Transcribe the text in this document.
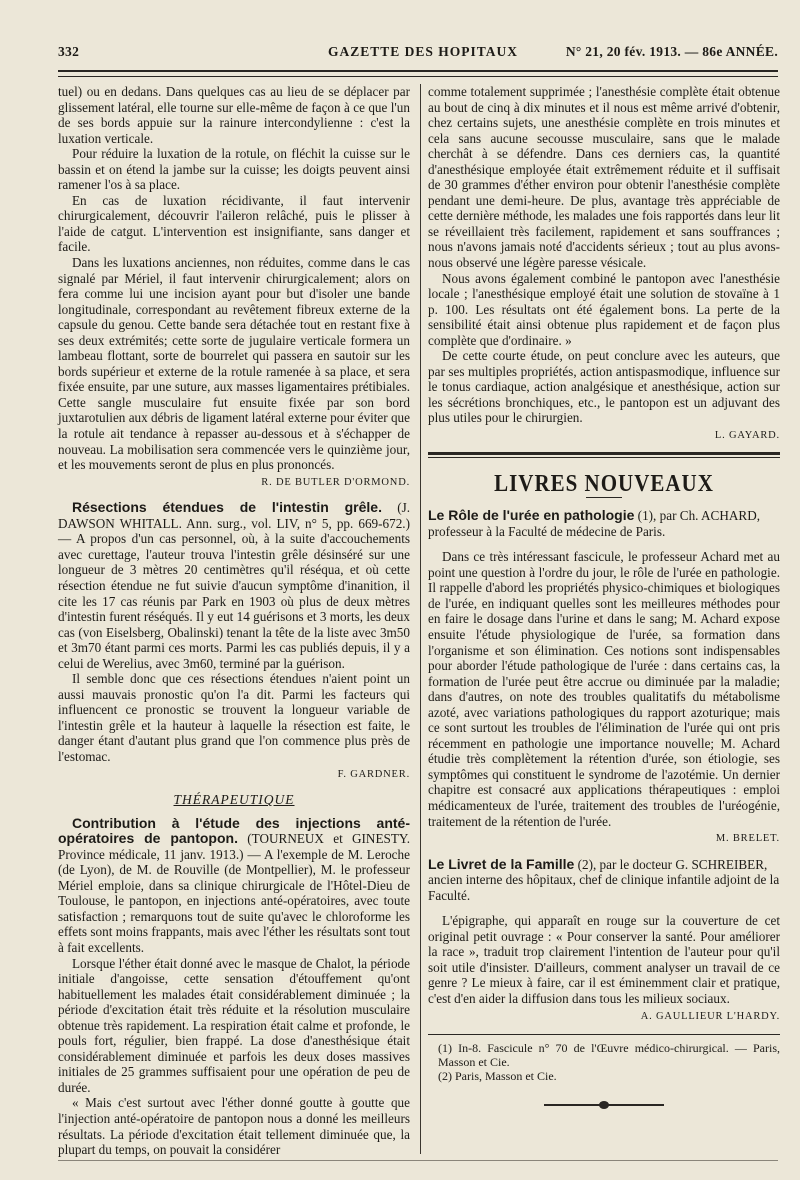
332	GAZETTE DES HOPITAUX	N° 21, 20 fév. 1913. — 86e ANNÉE.

tuel) ou en dedans. Dans quelques cas au lieu de se déplacer par glissement latéral, elle tourne sur elle-même de façon à ce que l'un de ses bords appuie sur la rainure intercondylienne : c'est la luxation verticale.

Pour réduire la luxation de la rotule, on fléchit la cuisse sur le bassin et on étend la jambe sur la cuisse; les doigts peuvent ainsi ramener l'os à sa place.

En cas de luxation récidivante, il faut intervenir chirurgicalement, découvrir l'aileron relâché, puis le plisser à l'aide de catgut. L'intervention est insignifiante, sans danger et facile.

Dans les luxations anciennes, non réduites, comme dans le cas signalé par Mériel, il faut intervenir chirurgicalement; alors on fera comme lui une incision ayant pour but d'isoler une bande longitudinale, correspondant au revêtement fibreux externe de la capsule du genou. Cette bande sera détachée tout en restant fixe à ses deux extrémités; cette sorte de jugulaire verticale formera un lambeau flottant, sorte de bourrelet qui passera en sautoir sur les bords supérieur et externe de la rotule ramenée à sa place, et sera fixée ensuite, par une suture, aux masses ligamentaires prétibiales. Cette sangle musculaire fut ensuite fixée par son bord juxtarotulien aux débris de ligament latéral externe pour éviter que la rotule ait tendance à repasser au-dessous et à s'échapper de nouveau. La mobilisation sera commencée vers le quinzième jour, et les mouvements seront de plus en plus prononcés.

R. DE BUTLER D'ORMOND.

Résections étendues de l'intestin grêle. (J. DAWSON WHITALL. Ann. surg., vol. LIV, n° 5, pp. 669-672.) — A propos d'un cas personnel, où, à la suite d'accouchements avec curettage, l'auteur trouva l'intestin grêle désinséré sur une longueur de 3 mètres 20 centimètres qu'il réséqua, et où cette résection étendue ne fut suivie d'aucun symptôme d'inanition, il cite les 17 cas réunis par Park en 1903 où plus de deux mètres d'intestin furent réséqués. Il y eut 14 guérisons et 3 morts, les deux cas (von Eiselsberg, Obalinski) tenant la tête de la liste avec 3m50 et 3m70 étant parmi ces morts. Parmi les cas publiés depuis, il y a celui de Werelius, avec 3m60, terminé par la guérison.

Il semble donc que ces résections étendues n'aient point un aussi mauvais pronostic qu'on l'a dit. Parmi les facteurs qui influencent ce pronostic se trouvent la longueur variable de l'intestin grêle et la hauteur à laquelle la résection est faite, le danger étant d'autant plus grand que l'on commence plus près de l'estomac.

F. GARDNER.

THÉRAPEUTIQUE

Contribution à l'étude des injections anté-opératoires de pantopon. (TOURNEUX et GINESTY. Province médicale, 11 janv. 1913.) — A l'exemple de M. Leroche (de Lyon), de M. de Rouville (de Montpellier), M. le professeur Mériel emploie, dans sa clinique chirurgicale de l'Hôtel-Dieu de Toulouse, le pantopon, en injections anté-opératoires, avec toute satisfaction ; remarquons tout de suite qu'avec le chloroforme les effets sont moins frappants, mais avec l'éther les résultats sont tout à fait excellents.

Lorsque l'éther était donné avec le masque de Chalot, la période initiale d'angoisse, cette sensation d'étouffement qu'ont habituellement les malades était considérablement diminuée ; la période d'excitation était très réduite et la résolution musculaire obtenue très rapidement. La respiration était calme et profonde, le pouls fort, régulier, bien frappé. La dose d'anesthésique était considérablement diminuée et parfois les deux doses massives initiales de 25 grammes suffisaient pour une opération de peu de durée.

« Mais c'est surtout avec l'éther donné goutte à goutte que l'injection anté-opératoire de pantopon nous a donné les meilleurs résultats. La période d'excitation était tellement diminuée que, la plupart du temps, on pouvait la considérer

comme totalement supprimée ; l'anesthésie complète était obtenue au bout de cinq à dix minutes et il nous est même arrivé d'obtenir, chez certains sujets, une anesthésie complète en trois minutes et cela sans aucune secousse musculaire, sans que le malade cherchât à se défendre. Dans ces derniers cas, la quantité d'anesthésique employée était extrêmement réduite et il suffisait de 30 grammes d'éther environ pour obtenir l'anesthésie complète pendant une demi-heure. De plus, avantage très appréciable de cette dernière méthode, les malades une fois rapportés dans leur lit se réveillaient très facilement, rapidement et sans souffrances ; nous n'avons jamais noté d'accidents sérieux ; tout au plus avons-nous observé une légère paresse vésicale.

Nous avons également combiné le pantopon avec l'anesthésie locale ; l'anesthésique employé était une solution de stovaïne à 1 p. 100. Les résultats ont été également bons. La perte de la sensibilité était ainsi obtenue plus rapidement et de façon plus complète que d'ordinaire. »

De cette courte étude, on peut conclure avec les auteurs, que par ses multiples propriétés, action antispasmodique, influence sur le tonus cardiaque, action analgésique et anesthésique, action sur les sécrétions bronchiques, etc., le pantopon est un adjuvant des plus utiles pour le chirurgien.

L. GAYARD.

LIVRES NOUVEAUX

Le Rôle de l'urée en pathologie (1), par Ch. ACHARD, professeur à la Faculté de médecine de Paris.

Dans ce très intéressant fascicule, le professeur Achard met au point une question à l'ordre du jour, le rôle de l'urée en pathologie. Il rappelle d'abord les propriétés physico-chimiques et biologiques de l'urée, en indiquant quelles sont les meilleures méthodes pour en faire le dosage dans l'urine et dans le sang; M. Achard expose ensuite l'étude physiologique de l'urée, sa formation dans l'organisme et son élimination. Ces notions sont indispensables pour aborder l'étude pathologique de l'urée : dans certains cas, la formation de l'urée peut être accrue ou diminuée par la maladie; dans d'autres, on note des troubles qualitatifs du métabolisme azoté, avec variations pathologiques du rapport azoturique; mais ce sont surtout les troubles de l'élimination de l'urée qui ont pris récemment en pathologie une importance nouvelle; M. Achard étudie très complètement la rétention d'urée, son étiologie, ses symptômes qui constituent le syndrome de l'azotémie. Un dernier chapitre est consacré aux applications thérapeutiques : emploi médicamenteux de l'urée, traitement des troubles de l'uréogénie, traitement de la rétention de l'urée.

M. BRELET.

Le Livret de la Famille (2), par le docteur G. SCHREIBER, ancien interne des hôpitaux, chef de clinique infantile adjoint de la Faculté.

L'épigraphe, qui apparaît en rouge sur la couverture de cet original petit ouvrage : « Pour conserver la santé. Pour améliorer la race », traduit trop clairement l'intention de l'auteur pour qu'il soit utile d'insister. D'ailleurs, comment analyser un travail de ce genre ? Le mieux à faire, car il est éminemment clair et pratique, c'est d'en aider la diffusion dans tous les milieux sociaux.

A. GAULLIEUR L'HARDY.

(1) In-8. Fascicule n° 70 de l'Œuvre médico-chirurgical. — Paris, Masson et Cie.

(2) Paris, Masson et Cie.
